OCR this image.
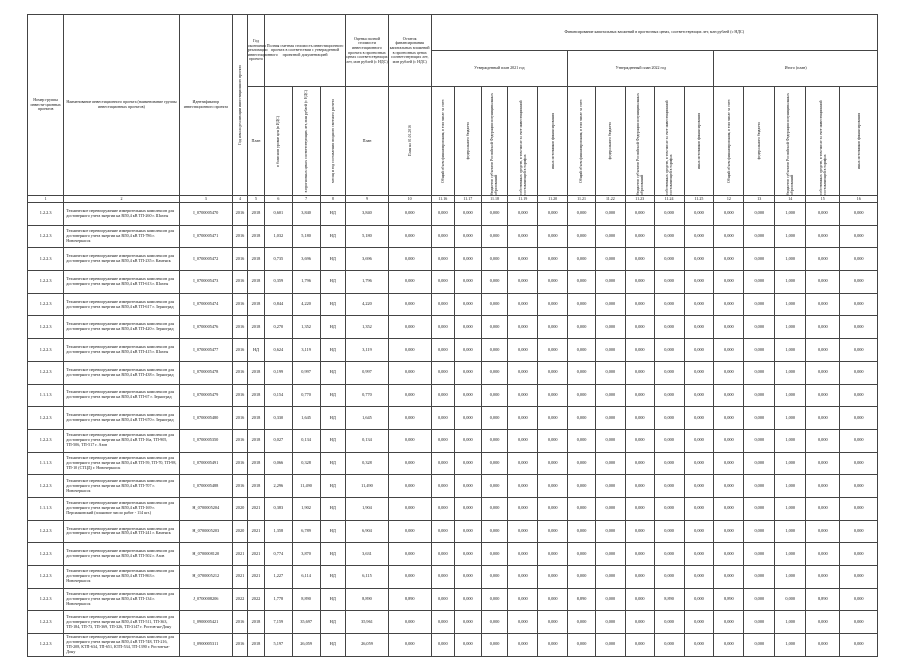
Номер группы инвести-ционных проектов	Наименование инвестиционного проекта (наименование группы инвестиционных проектов)	Идентификатор инвестиционного проекта	Год начала реализации инвестиционного проекта	Год окончания реализации инвестиционного проекта	Полная сметная стоимость инвестиционного проекта в соответствии с утвержденной проектной документацией			Оценка полной стоимости инвестиционного проекта в прогнозных ценах соответствующих лет, млн рублей (с НДС)	Остаток финансирования капитальных вложений в прогнозных ценах соответствующих лет, млн рублей (с НДС)	Финансирование капитальных вложений в прогнозных ценах, соответствующих лет, млн рублей (с НДС)														
										Утвержденный план 2021 год					Утвержденный план 2022 год					Итого (план)				
				План	в базисном уровне цен (в ИДС)	в прогнозных ценах соответствующих лет, млн рублей (с НДС)	месяц и год составления сводного сметного расчета	План	План на 01.01.2016	Общий объем финансирования, в том числе за счет:	федерального бюджета	бюджетов субъектов Российской Федерации и муниципальных образований	собственных средств, в том числе за счет инвестиционной составляющей в тарифах	иных источников финансирования	Общий объем финансирования, в том числе за счет:	федерального бюджета	бюджетов субъектов Российской Федерации и муниципальных образований	собственных средств, в том числе за счет инвестиционной составляющей в тарифах	иных источников финансирования	Общий объем финансирования, в том числе за счет:	федерального бюджета	бюджетов субъектов Российской Федерации и муниципальных образований	собственных средств, в том числе за счет инвестиционной составляющей в тарифах	иных источников финансирования

1	2	3	4	5	6	7	8	9	10	11.16	11.17	11.18	11.19	11.20	11.21	11.22	11.23	11.24	11.25	12	13	14	15	16
1.2.2.3	Техническое перевооружение измерительных комплексов для достоверного учета энергии на ВЛ0,4 кВ ТП-260 г. Шахты	I_0700005470	2016	2018	0,601	3,840	НД	3,840	0,000	0,000	0,000	0,000	0,000	0,000	0,000	0,000	0,000	0,000	0,000	0,000	0,000	1,000	0,000	0,000
1.2.2.3	Техническое перевооружение измерительных комплексов для достоверного учета энергии на ВЛ0,4 кВ ТП-786 г. Новочеркасск	I_0700005471	2016	2018	1,032	5,180	НД	5,180	0,000	0,000	0,000	0,000	0,000	0,000	0,000	0,000	0,000	0,000	0,000	0,000	0,000	1,000	0,000	0,000
1.2.2.3	Техническое перевооружение измерительных комплексов для достоверного учета энергии на ВЛ0,4 кВ ТП-235 г. Каменск	I_0700005472	2016	2018	0,735	3,696	НД	3,696	0,000	0,000	0,000	0,000	0,000	0,000	0,000	0,000	0,000	0,000	0,000	0,000	0,000	1,000	0,000	0,000
1.2.2.3	Техническое перевооружение измерительных комплексов для достоверного учета энергии на ВЛ0,4 кВ ТП-613 г. Шахты	I_0700005473	2016	2018	0,359	1,796	НД	1,796	0,000	0,000	0,000	0,000	0,000	0,000	0,000	0,000	0,000	0,000	0,000	0,000	0,000	1,000	0,000	0,000
1.2.2.3	Техническое перевооружение измерительных комплексов для достоверного учета энергии на ВЛ0,4 кВ ТП-617 г. Зерноград	I_0700005474	2016	2018	0,844	4,220	НД	4,220	0,000	0,000	0,000	0,000	0,000	0,000	0,000	0,000	0,000	0,000	0,000	0,000	0,000	1,000	0,000	0,000
1.2.2.3	Техническое перевооружение измерительных комплексов для достоверного учета энергии на ВЛ0,4 кВ ТП-420 г. Зерноград	I_0700005476	2016	2018	0,270	1,352	НД	1,352	0,000	0,000	0,000	0,000	0,000	0,000	0,000	0,000	0,000	0,000	0,000	0,000	0,000	1,000	0,000	0,000
1.2.2.3	Техническое перевооружение измерительных комплексов для достоверного учета энергии на ВЛ0,4 кВ ТП-415 г. Шахты	I_0700005477	2016	НД	0,624	3,119	НД	3,119	0,000	0,000	0,000	0,000	0,000	0,000	0,000	0,000	0,000	0,000	0,000	0,000	0,000	1,000	0,000	0,000
1.2.2.3	Техническое перевооружение измерительных комплексов для достоверного учета энергии на ВЛ0,4 кВ ТП-438 г. Зерноград	I_0700005478	2016	2018	0,199	0,997	НД	0,997	0,000	0,000	0,000	0,000	0,000	0,000	0,000	0,000	0,000	0,000	0,000	0,000	0,000	1,000	0,000	0,000
1.1.1.3	Техническое перевооружение измерительных комплексов для достоверного учета энергии на ВЛ0,4 кВ ТП-67 г. Зерноград	I_0700005479	2016	2018	0,154	0,770	НД	0,770	0,000	0,000	0,000	0,000	0,000	0,000	0,000	0,000	0,000	0,000	0,000	0,000	0,000	1,000	0,000	0,000
1.2.2.3	Техническое перевооружение измерительных комплексов для достоверного учета энергии на ВЛ0,4 кВ ТП-670 г. Зерноград	I_0700005480	2016	2018	0,330	1,645	НД	1,645	0,000	0,000	0,000	0,000	0,000	0,000	0,000	0,000	0,000	0,000	0,000	0,000	0,000	1,000	0,000	0,000
1.2.2.3	Техническое перевооружение измерительных комплексов для достоверного учета энергии на ВЛ0,4 кВ ТП-16а, ТП-905, ТП-506, ТП-517 г. Азов	I_0700005350	2016	2018	0,027	0,134	НД	0,134	0,000	0,000	0,000	0,000	0,000	0,000	0,000	0,000	0,000	0,000	0,000	0,000	0,000	1,000	0,000	0,000
1.1.1.3	Техническое перевооружение измерительных комплексов для достоверного учета энергии на ВЛ0,4 кВ ТП-59, ТП-70, ТП-98, ТП-10 (СТЦД) г. Новочеркасск	I_0700005491	2016	2018	0,066	0,328	НД	0,328	0,000	0,000	0,000	0,000	0,000	0,000	0,000	0,000	0,000	0,000	0,000	0,000	0,000	1,000	0,000	0,000
1.2.2.3	Техническое перевооружение измерительных комплексов для достоверного учета энергии на ВЛ0,4 кВ ТП-707 г. Новочеркасск	I_0700005488	2016	2018	2,296	11,490	НД	11,490	0,000	0,000	0,000	0,000	0,000	0,000	0,000	0,000	0,000	0,000	0,000	0,000	0,000	1,000	0,000	0,000
1.1.1.3	Техническое перевооружение измерительных комплексов для достоверного учета энергии на ВЛ0,4 кВ ТП-169 г. Персиановский (плановое число работ - 114 шт.)	H_0700005204	2020	2021	0,383	1,902	НД	1,904	0,000	0,000	0,000	0,000	0,000	0,000	0,000	0,000	0,000	0,000	0,000	0,000	0,000	1,000	0,000	0,000
1.2.2.3	Техническое перевооружение измерительных комплексов для достоверного учета энергии на ВЛ0,4 кВ ТП-241 г. Каменск	H_0700005203	2020	2021	1,358	6,789	НД	6,904	0,000	0,000	0,000	0,000	0,000	0,000	0,000	0,000	0,000	0,000	0,000	0,000	0,000	1,000	0,000	0,000
1.2.2.3	Техническое перевооружение измерительных комплексов для достоверного учета энергии на ВЛ0,4 кВ ТП-502 г. Азов	H_0700008120	2021	2021	0,774	3,870	НД	3,631	0,000	0,000	0,000	0,000	0,000	0,000	0,000	0,000	0,000	0,000	0,000	0,000	0,000	1,000	0,000	0,000
1.2.2.3	Техническое перевооружение измерительных комплексов для достоверного учета энергии на ВЛ0,4 кВ ТП-863 г. Новочеркасск	H_0700005212	2021	2021	1,227	6,114	НД	6,115	0,000	0,000	0,000	0,000	0,000	0,000	0,000	0,000	0,000	0,000	0,000	0,000	0,000	1,000	0,000	0,000
1.2.2.3	Техническое перевооружение измерительных комплексов для достоверного учета энергии на ВЛ0,4 кВ ТП-134 г. Новочеркасск	J_0700008206	2022	2022	1,778	8,890	НД	8,890	8,890	0,000	0,000	0,000	0,000	0,000	8,890	0,000	0,000	8,890	0,000	8,890	0,000	0,000	8,890	0,000
1.2.2.3	Техническое перевооружение измерительных комплексов для достоверного учета энергии на ВЛ0,4 кВ ТП-511, ТП-363, ТП-184, ТП-73, ТП-369, ТП-326, ТП-3147 г. Ростов-на-Дону	I_0900005421	2016	2018	7,159	35,697	НД	35,961	0,000	0,000	0,000	0,000	0,000	0,000	0,000	0,000	0,000	0,000	0,000	0,000	0,000	1,000	0,000	0,000
1.2.2.3	Техническое перевооружение измерительных комплексов для достоверного учета энергии на ВЛ0,4 кВ ТП-748, ТП-216, ТП-208, КТП-634, ТП-651, КТП-534, ТП-1390 г. Ростов-на-Дону	I_0900005311	2016	2018	5,197	26,059	НД	26,059	0,000	0,000	0,000	0,000	0,000	0,000	0,000	0,000	0,000	0,000	0,000	0,000	0,000	1,000	0,000	0,000
